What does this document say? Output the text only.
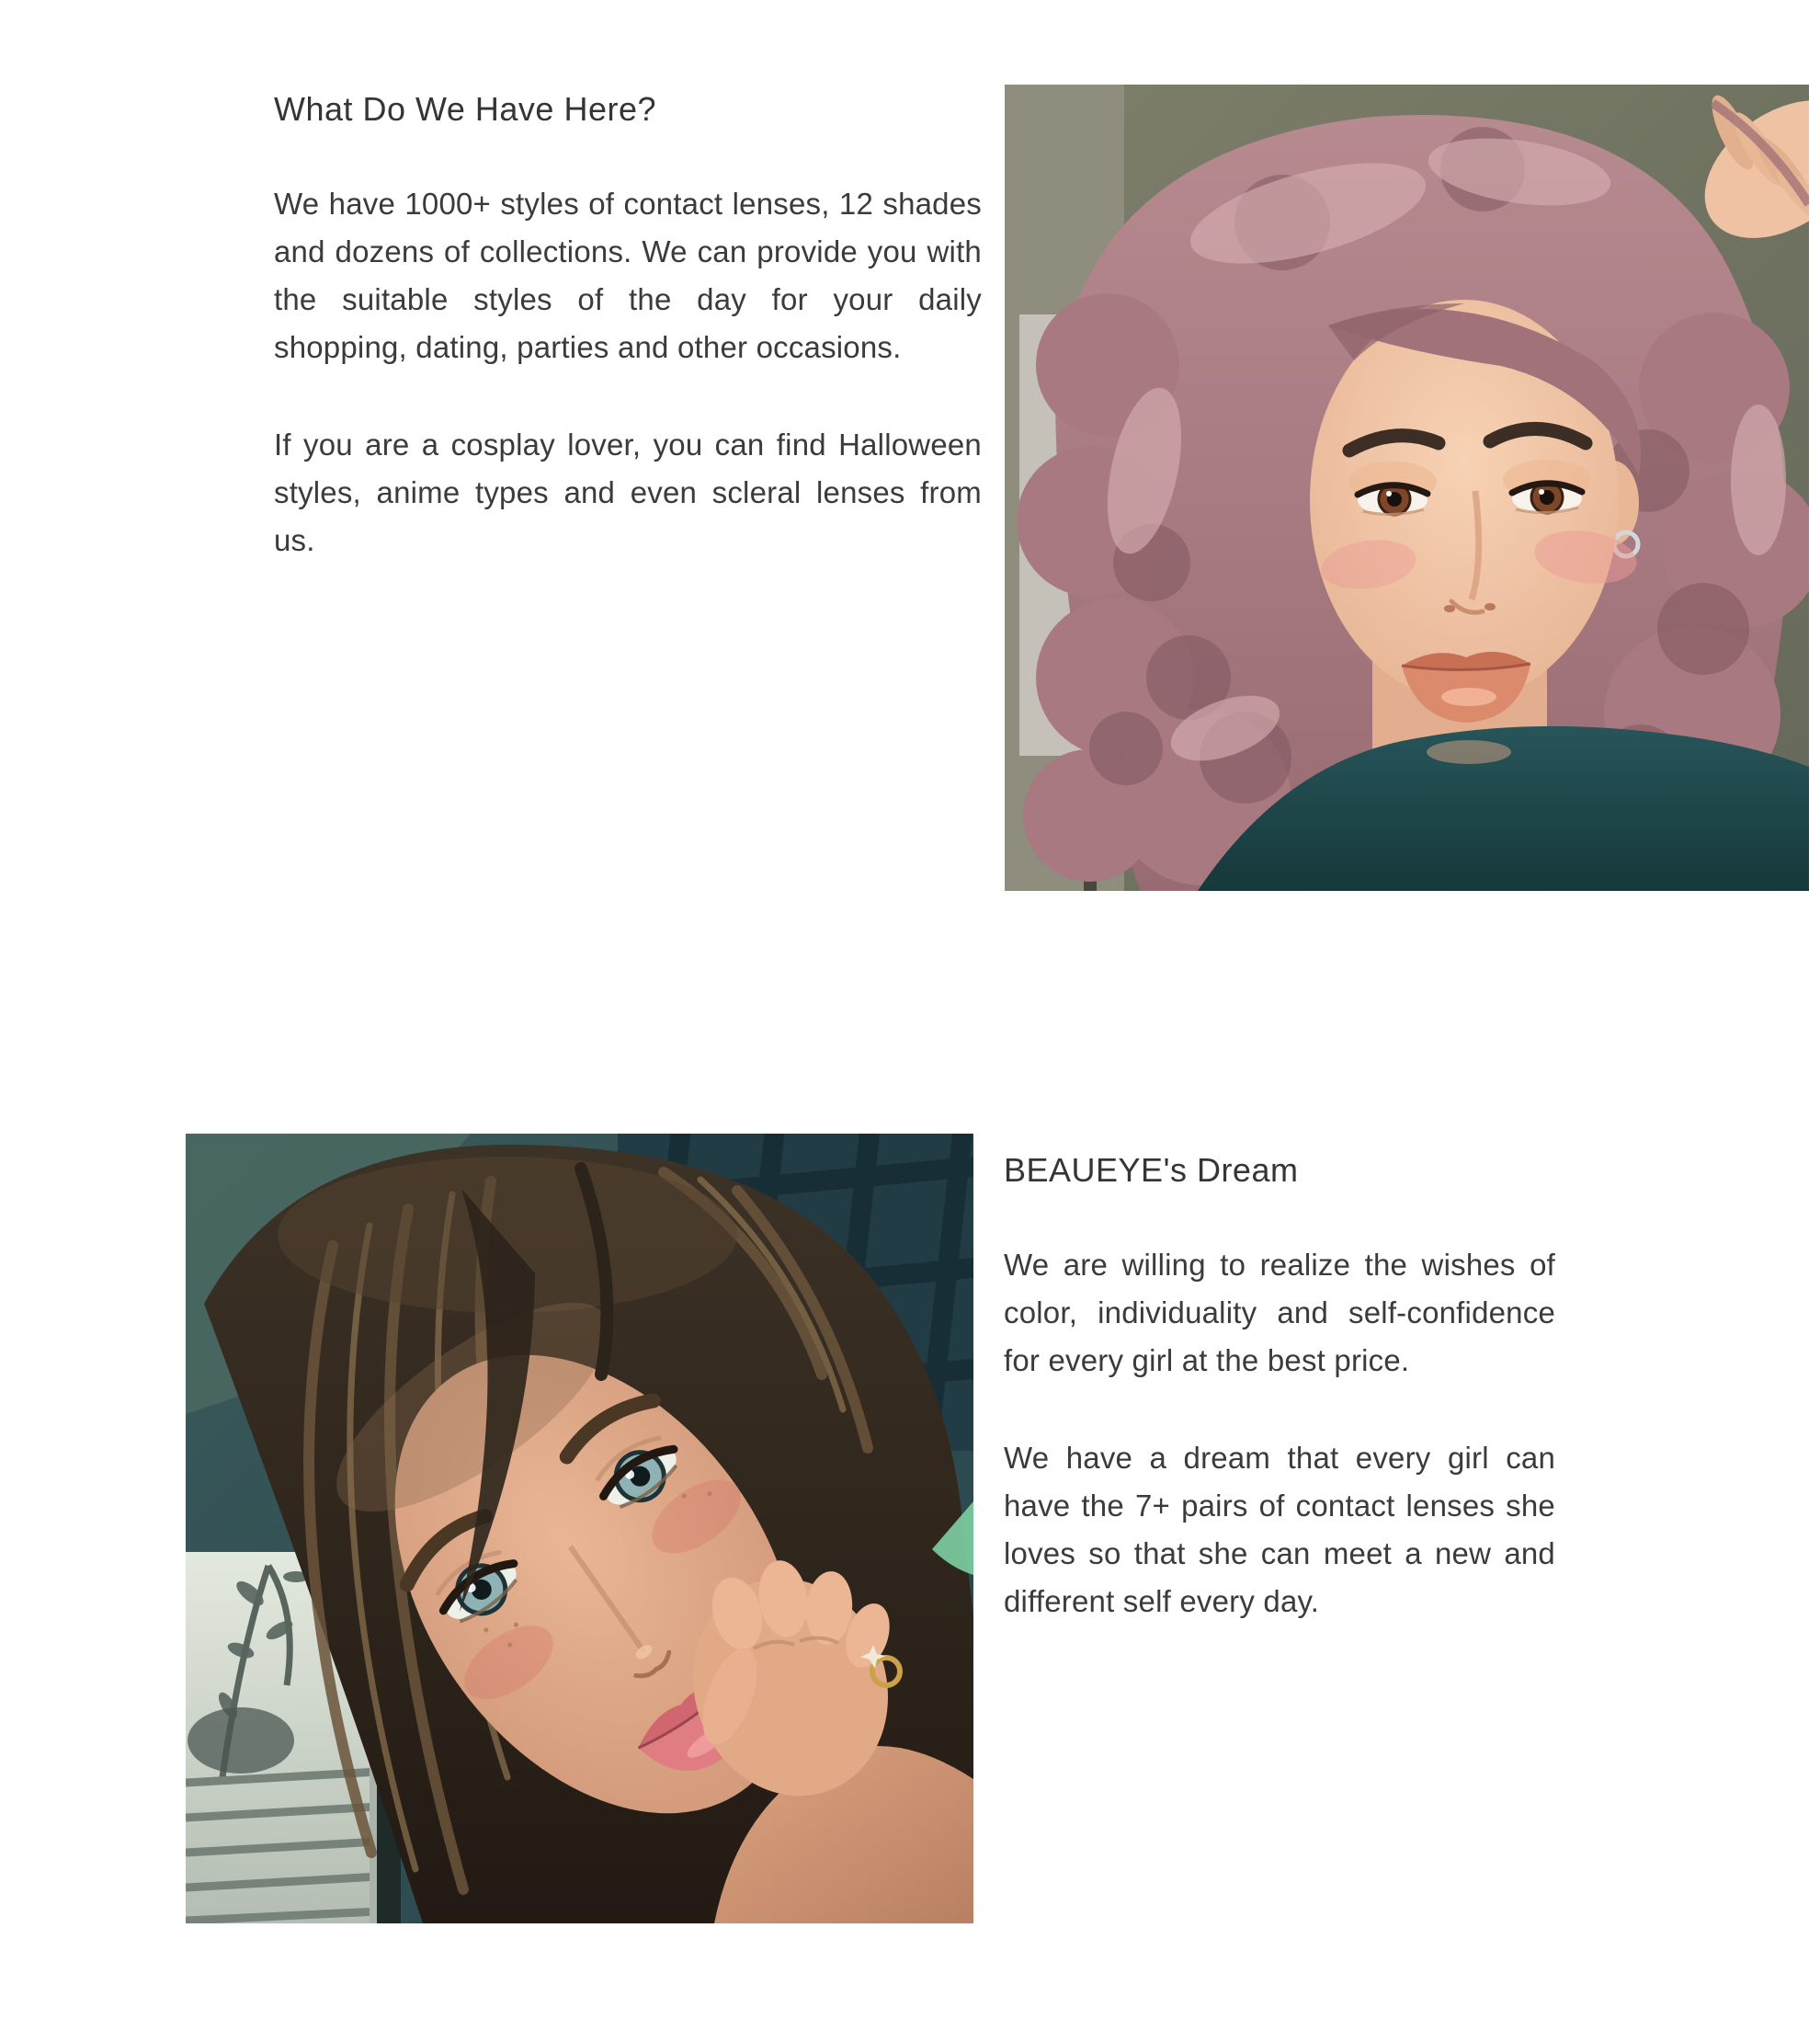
What Do We Have Here?

We have 1000+ styles of contact lenses, 12 shades and dozens of collections. We can provide you with the suitable styles of the day for your daily shopping, dating, parties and other occasions.

If you are a cosplay lover, you can find Halloween styles, anime types and even scleral lenses from us.

BEAUEYE's Dream

We are willing to realize the wishes of color, individuality and self-confidence for every girl at the best price.

We have a dream that every girl can have the 7+ pairs of contact lenses she loves so that she can meet a new and different self every day.
